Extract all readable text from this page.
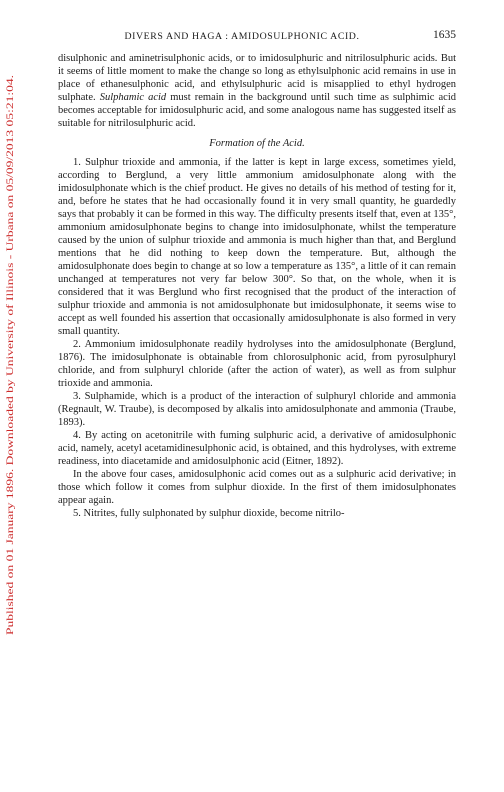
Published on 01 January 1896. Downloaded by University of Illinois - Urbana on 05/09/2013 05:21:04.
DIVERS AND HAGA : AMIDOSULPHONIC ACID.	1635

disulphonic and aminetrisulphonic acids, or to imidosulphuric and nitrilosulphuric acids. But it seems of little moment to make the change so long as ethylsulphonic acid remains in use in place of ethanesulphonic acid, and ethylsulphuric acid is misapplied to ethyl hydrogen sulphate. Sulphamic acid must remain in the background until such time as sulphimic acid becomes acceptable for imidosulphuric acid, and some analogous name has suggested itself as suitable for nitrilosulphuric acid.

Formation of the Acid.

1. Sulphur trioxide and ammonia, if the latter is kept in large excess, sometimes yield, according to Berglund, a very little ammonium amidosulphonate along with the imidosulphonate which is the chief product. He gives no details of his method of testing for it, and, before he states that he had occasionally found it in very small quantity, he guardedly says that probably it can be formed in this way. The difficulty presents itself that, even at 135°, ammonium amidosulphonate begins to change into imidosulphonate, whilst the temperature caused by the union of sulphur trioxide and ammonia is much higher than that, and Berglund mentions that he did nothing to keep down the temperature. But, although the amidosulphonate does begin to change at so low a temperature as 135°, a little of it can remain unchanged at temperatures not very far below 300°. So that, on the whole, when it is considered that it was Berglund who first recognised that the product of the interaction of sulphur trioxide and ammonia is not amidosulphonate but imidosulphonate, it seems wise to accept as well founded his assertion that occasionally amidosulphonate is also formed in very small quantity.

2. Ammonium imidosulphonate readily hydrolyses into the amidosulphonate (Berglund, 1876). The imidosulphonate is obtainable from chlorosulphonic acid, from pyrosulphuryl chloride, and from sulphuryl chloride (after the action of water), as well as from sulphur trioxide and ammonia.

3. Sulphamide, which is a product of the interaction of sulphuryl chloride and ammonia (Regnault, W. Traube), is decomposed by alkalis into amidosulphonate and ammonia (Traube, 1893).

4. By acting on acetonitrile with fuming sulphuric acid, a derivative of amidosulphonic acid, namely, acetyl acetamidinesulphonic acid, is obtained, and this hydrolyses, with extreme readiness, into diacetamide and amidosulphonic acid (Eitner, 1892).

In the above four cases, amidosulphonic acid comes out as a sulphuric acid derivative; in those which follow it comes from sulphur dioxide. In the first of them imidosulphonates appear again.

5. Nitrites, fully sulphonated by sulphur dioxide, become nitrilo-
